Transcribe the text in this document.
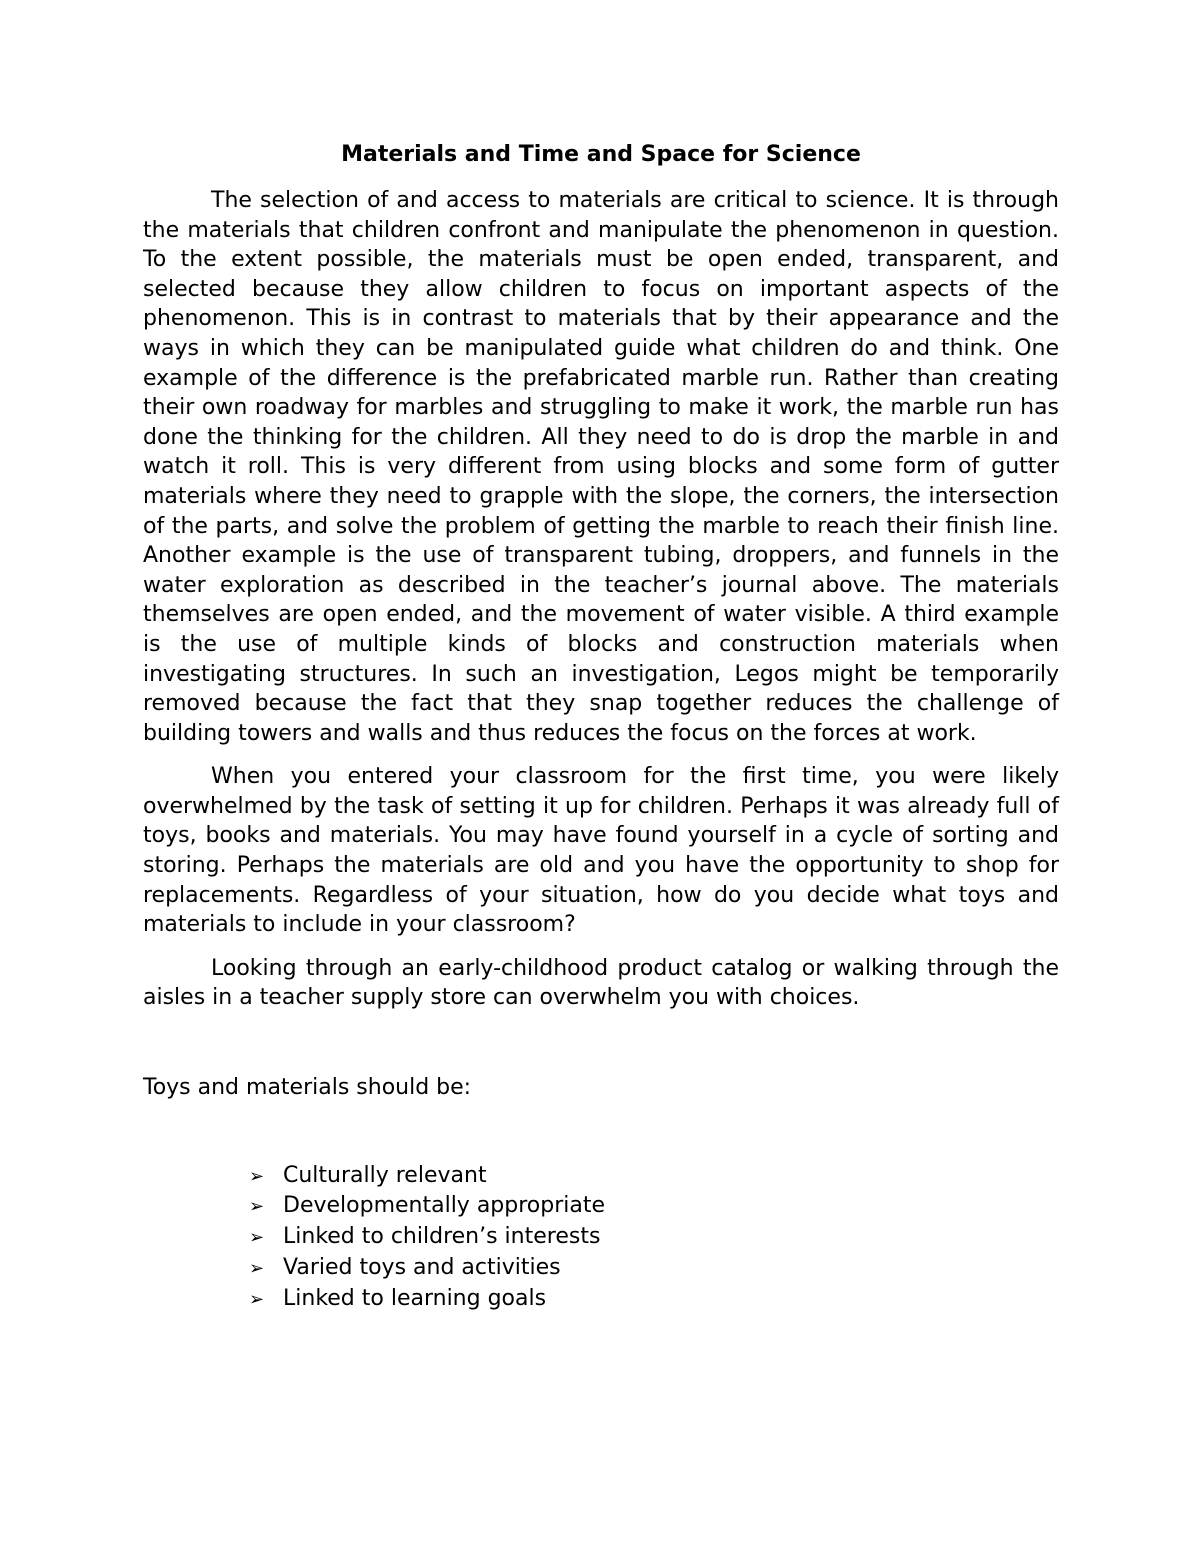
Materials and Time and Space for Science

The selection of and access to materials are critical to science. It is through the materials that children confront and manipulate the phenomenon in question. To the extent possible, the materials must be open ended, transparent, and selected because they allow children to focus on important aspects of the phenomenon. This is in contrast to materials that by their appearance and the ways in which they can be manipulated guide what children do and think. One example of the difference is the prefabricated marble run. Rather than creating their own roadway for marbles and struggling to make it work, the marble run has done the thinking for the children. All they need to do is drop the marble in and watch it roll. This is very different from using blocks and some form of gutter materials where they need to grapple with the slope, the corners, the intersection of the parts, and solve the problem of getting the marble to reach their finish line. Another example is the use of transparent tubing, droppers, and funnels in the water exploration as described in the teacher’s journal above. The materials themselves are open ended, and the movement of water visible. A third example is the use of multiple kinds of blocks and construction materials when investigating structures. In such an investigation, Legos might be temporarily removed because the fact that they snap together reduces the challenge of building towers and walls and thus reduces the focus on the forces at work.

When you entered your classroom for the first time, you were likely overwhelmed by the task of setting it up for children. Perhaps it was already full of toys, books and materials. You may have found yourself in a cycle of sorting and storing. Perhaps the materials are old and you have the opportunity to shop for replacements. Regardless of your situation, how do you decide what toys and materials to include in your classroom?

Looking through an early-childhood product catalog or walking through the aisles in a teacher supply store can overwhelm you with choices.

Toys and materials should be:

➢ Culturally relevant
➢ Developmentally appropriate
➢ Linked to children’s interests
➢ Varied toys and activities
➢ Linked to learning goals
